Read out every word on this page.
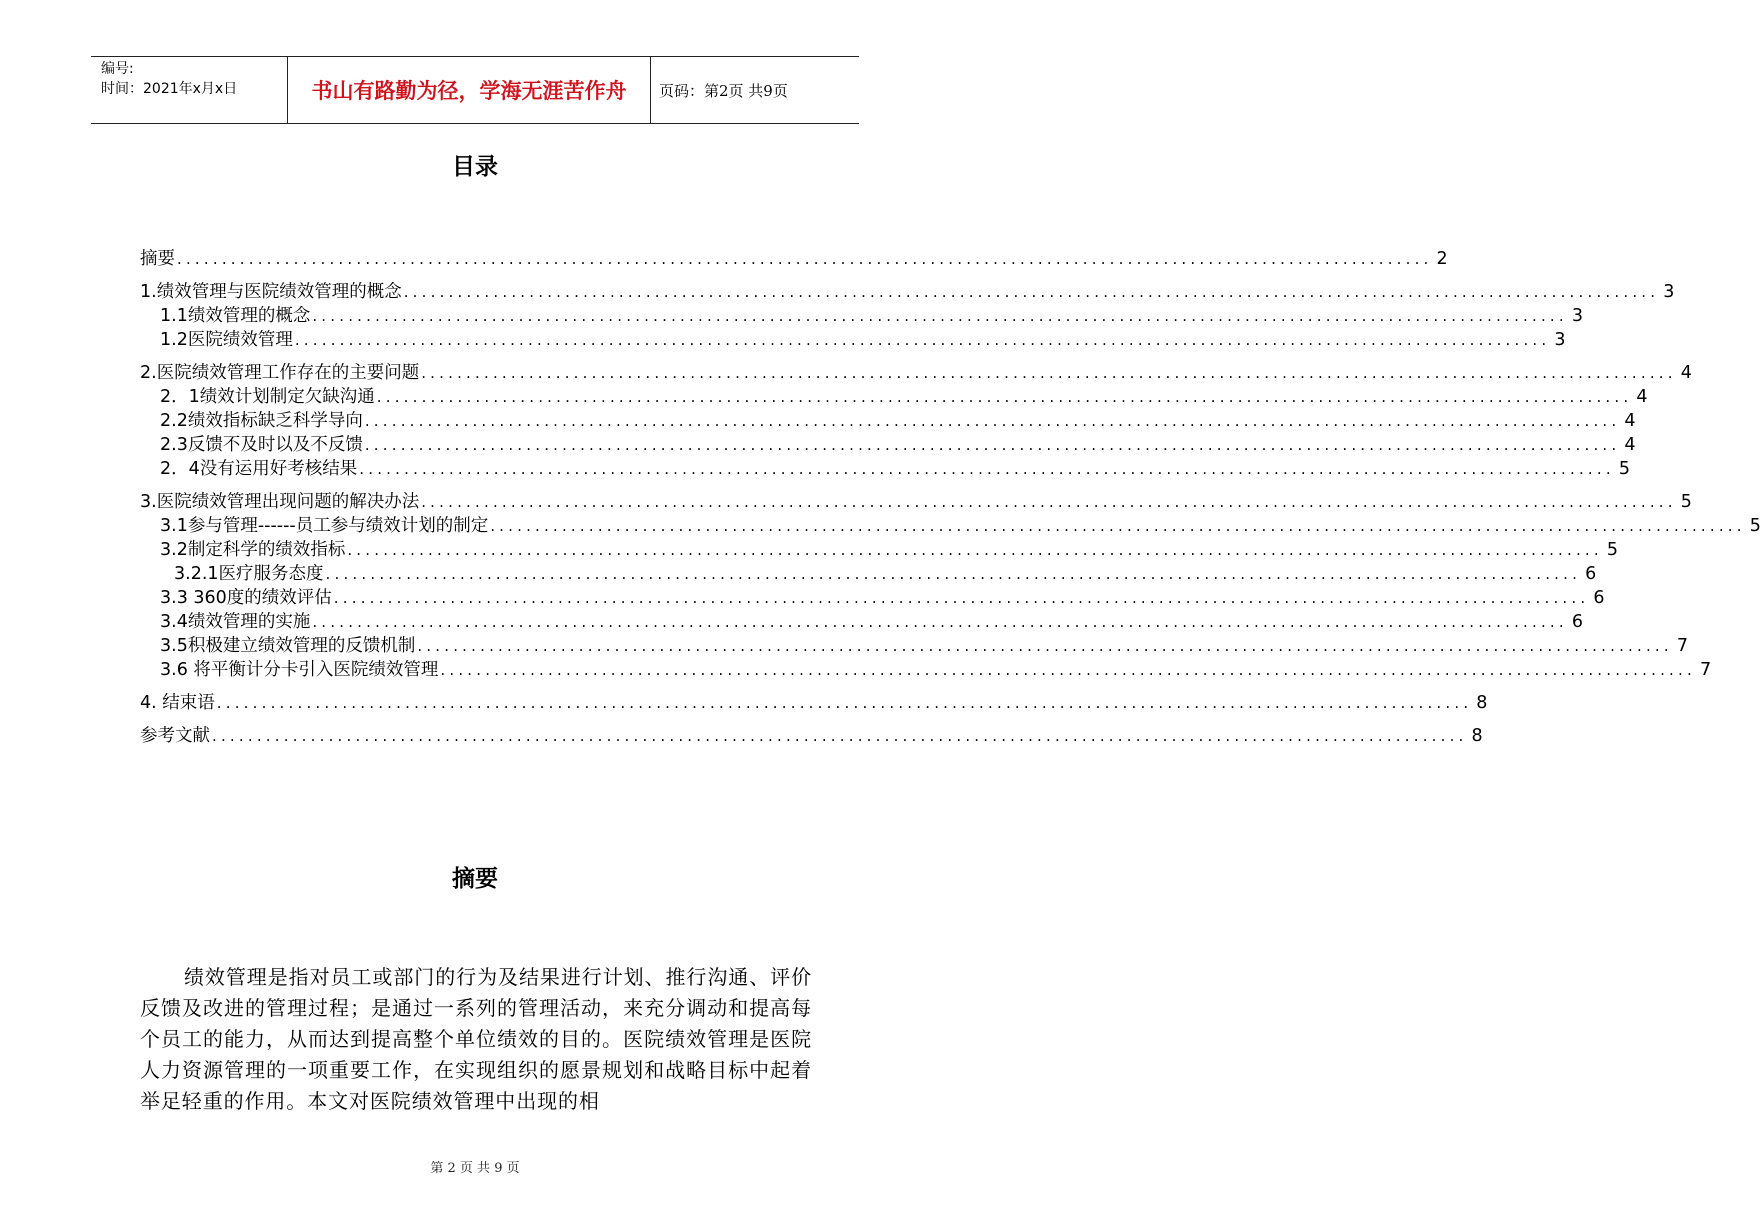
编号:
时间：2021年x月x日	书山有路勤为径，学海无涯苦作舟	页码：第2页 共9页
目录
摘要 ............................................................................................................................................ 2
1.绩效管理与医院绩效管理的概念 ............................................................................................................................................ 3
1.1绩效管理的概念 ............................................................................................................................................ 3
1.2医院绩效管理 ............................................................................................................................................ 3
2.医院绩效管理工作存在的主要问题 ............................................................................................................................................ 4
2．1绩效计划制定欠缺沟通 ............................................................................................................................................ 4
2.2绩效指标缺乏科学导向 ............................................................................................................................................ 4
2.3反馈不及时以及不反馈 ............................................................................................................................................ 4
2．4没有运用好考核结果 ............................................................................................................................................ 5
3.医院绩效管理出现问题的解决办法 ............................................................................................................................................ 5
3.1参与管理------员工参与绩效计划的制定 ............................................................................................................................................ 5
3.2制定科学的绩效指标 ............................................................................................................................................ 5
3.2.1医疗服务态度 ............................................................................................................................................ 6
3.3 360度的绩效评估 ............................................................................................................................................ 6
3.4绩效管理的实施 ............................................................................................................................................ 6
3.5积极建立绩效管理的反馈机制 ............................................................................................................................................ 7
3.6 将平衡计分卡引入医院绩效管理 ............................................................................................................................................ 7
4. 结束语 ............................................................................................................................................ 8
参考文献 ............................................................................................................................................ 8
摘要

绩效管理是指对员工或部门的行为及结果进行计划、推行沟通、评价反馈及改进的管理过程；是通过一系列的管理活动，来充分调动和提高每个员工的能力，从而达到提高整个单位绩效的目的。医院绩效管理是医院人力资源管理的一项重要工作，在实现组织的愿景规划和战略目标中起着举足轻重的作用。本文对医院绩效管理中出现的相

第 2 页 共 9 页
